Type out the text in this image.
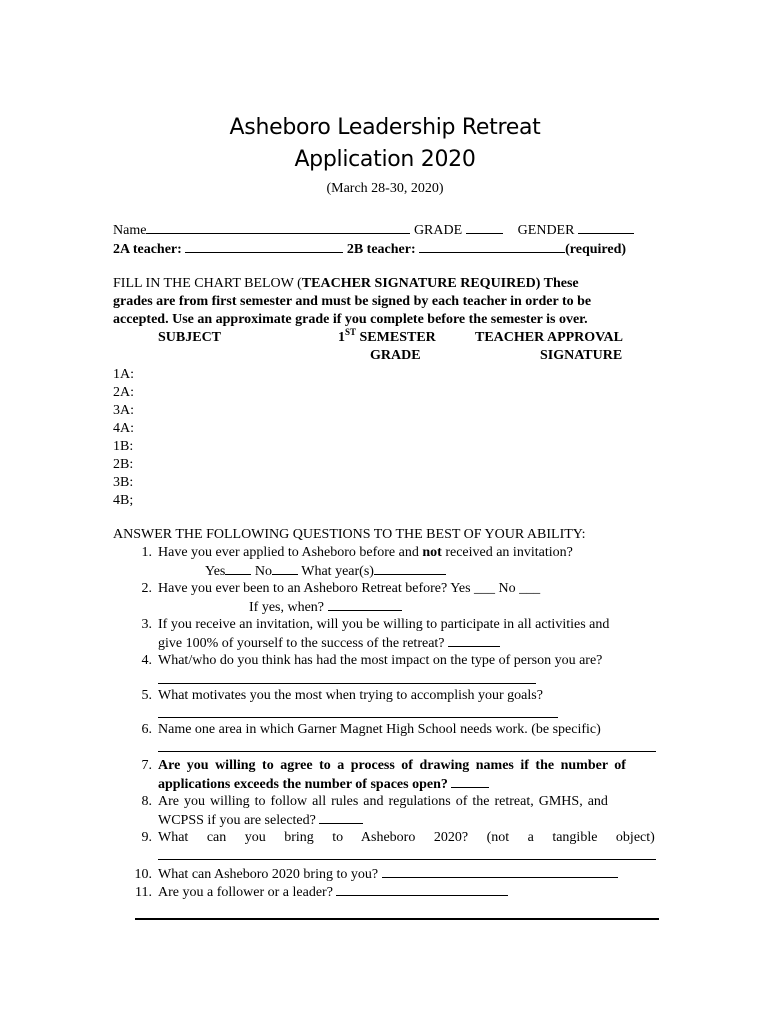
Asheboro Leadership Retreat
Application 2020
(March 28-30, 2020)
Name	GRADE	GENDER
2A teacher:	2B teacher:	(required)
FILL IN THE CHART BELOW (TEACHER SIGNATURE REQUIRED) These
grades are from first semester and must be signed by each teacher in order to be
accepted. Use an approximate grade if you complete before the semester is over.
SUBJECT	1ST SEMESTER	TEACHER APPROVAL
GRADE	SIGNATURE
1A:
2A:
3A:
4A:
1B:
2B:
3B:
4B;
ANSWER THE FOLLOWING QUESTIONS TO THE BEST OF YOUR ABILITY:
1. Have you ever applied to Asheboro before and not received an invitation?
Yes No What year(s)
2. Have you ever been to an Asheboro Retreat before? Yes ___ No ___
If yes, when?
3. If you receive an invitation, will you be willing to participate in all activities and
give 100% of yourself to the success of the retreat?
4. What/who do you think has had the most impact on the type of person you are?
5. What motivates you the most when trying to accomplish your goals?
6. Name one area in which Garner Magnet High School needs work. (be specific)
7. Are you willing to agree to a process of drawing names if the number of
applications exceeds the number of spaces open?
8. Are you willing to follow all rules and regulations of the retreat, GMHS, and
WCPSS if you are selected?
9. What can you bring to Asheboro 2020? (not a tangible object)
10. What can Asheboro 2020 bring to you?
11. Are you a follower or a leader?
